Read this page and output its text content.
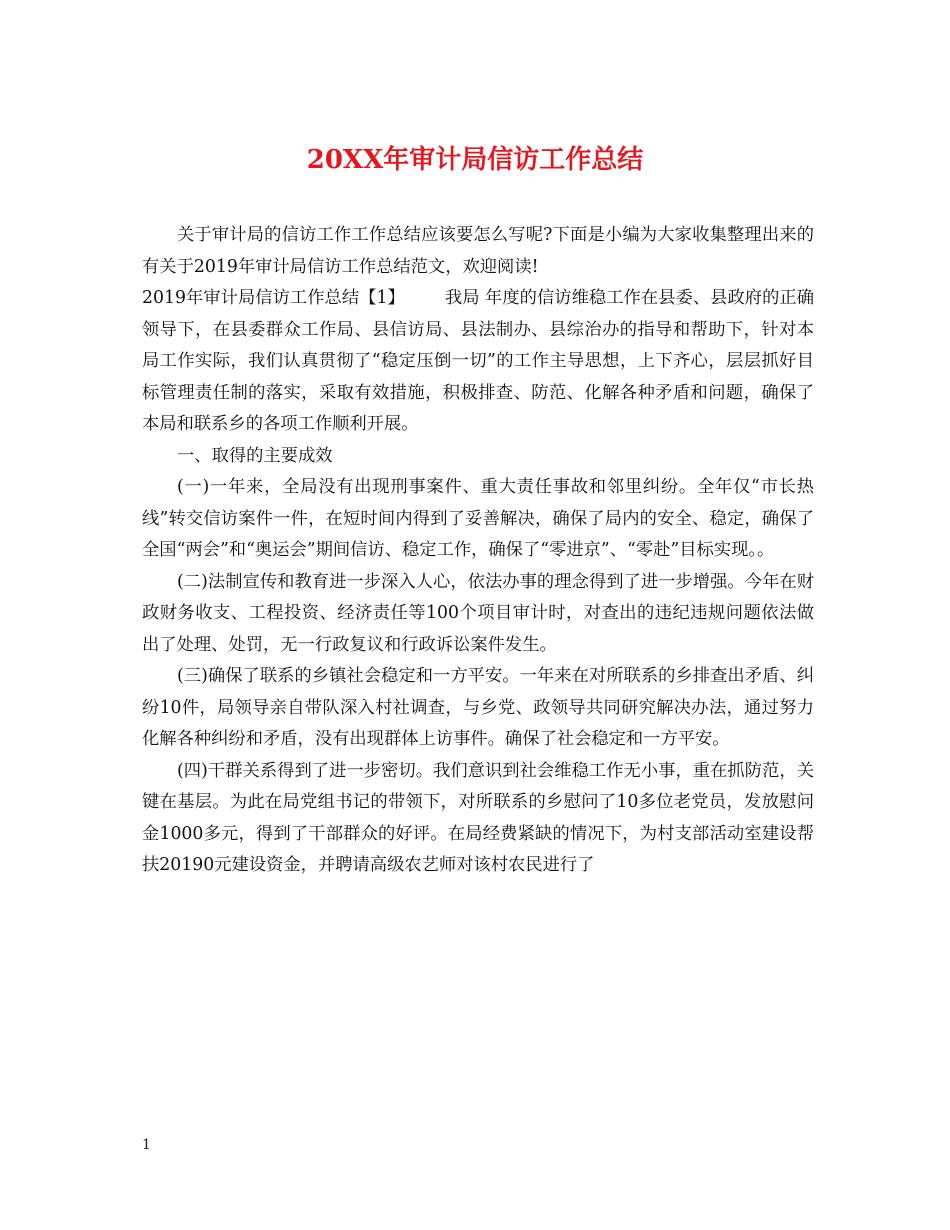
20XX年审计局信访工作总结

关于审计局的信访工作工作总结应该要怎么写呢?下面是小编为大家收集整理出来的有关于2019年审计局信访工作总结范文，欢迎阅读!

2019年审计局信访工作总结【1】 我局 年度的信访维稳工作在县委、县政府的正确领导下，在县委群众工作局、县信访局、县法制办、县综治办的指导和帮助下，针对本局工作实际，我们认真贯彻了“稳定压倒一切”的工作主导思想，上下齐心，层层抓好目标管理责任制的落实，采取有效措施，积极排查、防范、化解各种矛盾和问题，确保了本局和联系乡的各项工作顺利开展。

一、取得的主要成效

(一)一年来，全局没有出现刑事案件、重大责任事故和邻里纠纷。全年仅“市长热线”转交信访案件一件，在短时间内得到了妥善解决，确保了局内的安全、稳定，确保了全国“两会”和“奥运会”期间信访、稳定工作，确保了“零进京”、“零赴”目标实现。。

(二)法制宣传和教育进一步深入人心，依法办事的理念得到了进一步增强。今年在财政财务收支、工程投资、经济责任等100个项目审计时，对查出的违纪违规问题依法做出了处理、处罚，无一行政复议和行政诉讼案件发生。

(三)确保了联系的乡镇社会稳定和一方平安。一年来在对所联系的乡排查出矛盾、纠纷10件，局领导亲自带队深入村社调查，与乡党、政领导共同研究解决办法，通过努力化解各种纠纷和矛盾，没有出现群体上访事件。确保了社会稳定和一方平安。

(四)干群关系得到了进一步密切。我们意识到社会维稳工作无小事，重在抓防范，关键在基层。为此在局党组书记的带领下，对所联系的乡慰问了10多位老党员，发放慰问金1000多元，得到了干部群众的好评。在局经费紧缺的情况下，为村支部活动室建设帮扶20190元建设资金，并聘请高级农艺师对该村农民进行了

1
